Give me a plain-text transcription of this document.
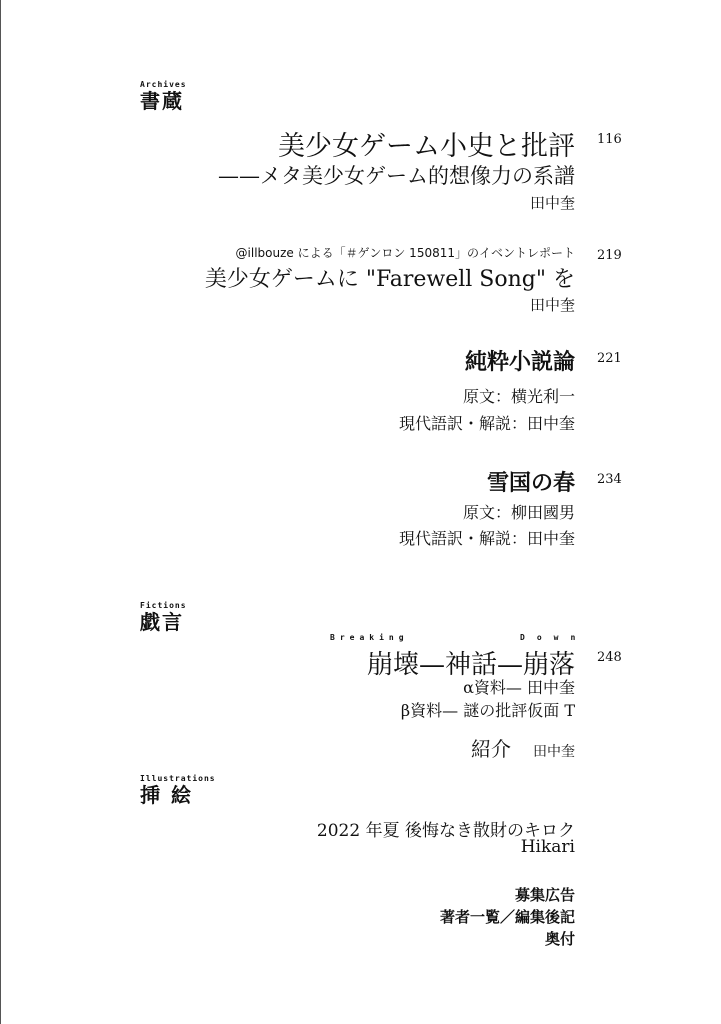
Archives
書蔵
美少女ゲーム小史と批評 116
——メタ美少女ゲーム的想像力の系譜
田中奎
@illbouze による「＃ゲンロン 150811」のイベントレポート 219
美少女ゲームに "Farewell Song" を
田中奎
純粋小説論 221
原文：横光利一
現代語訳・解説：田中奎
雪国の春 234
原文：柳田國男
現代語訳・解説：田中奎
Fictions
戯言
Breaking	Down
崩壊—神話—崩落 248
α資料— 田中奎
β資料— 謎の批評仮面 T
紹介 田中奎
Illustrations
挿 絵
2022 年夏 後悔なき散財のキロク
Hikari
募集広告
著者一覧／編集後記
奥付
